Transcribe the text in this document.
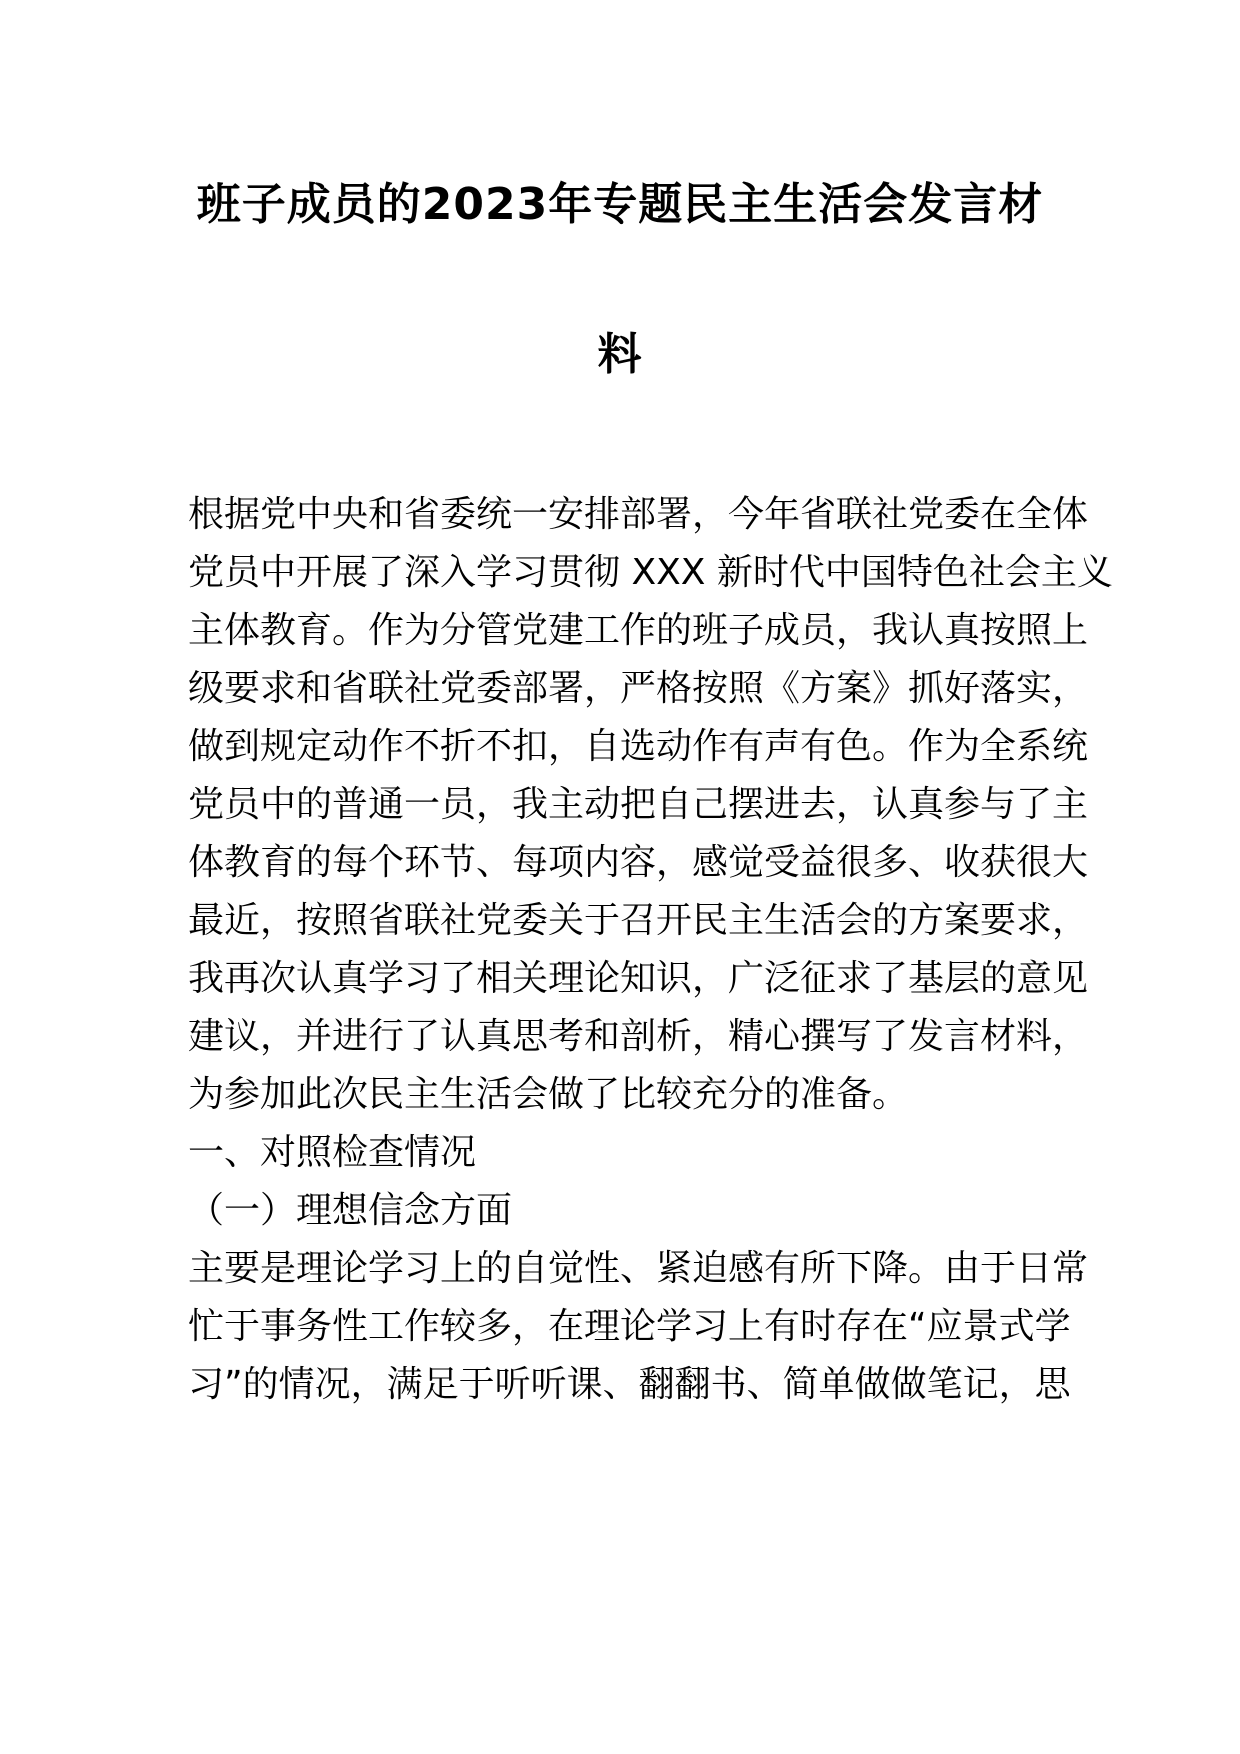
班子成员的2023年专题民主生活会发言材
料
根据党中央和省委统一安排部署，今年省联社党委在全体
党员中开展了深入学习贯彻 XXX 新时代中国特色社会主义
主体教育。作为分管党建工作的班子成员，我认真按照上
级要求和省联社党委部署，严格按照《方案》抓好落实，
做到规定动作不折不扣，自选动作有声有色。作为全系统
党员中的普通一员，我主动把自己摆进去，认真参与了主
体教育的每个环节、每项内容，感觉受益很多、收获很大
最近，按照省联社党委关于召开民主生活会的方案要求，
我再次认真学习了相关理论知识，广泛征求了基层的意见
建议，并进行了认真思考和剖析，精心撰写了发言材料，
为参加此次民主生活会做了比较充分的准备。
一、对照检查情况
（一）理想信念方面
主要是理论学习上的自觉性、紧迫感有所下降。由于日常
忙于事务性工作较多，在理论学习上有时存在“应景式学
习”的情况，满足于听听课、翻翻书、简单做做笔记，思
